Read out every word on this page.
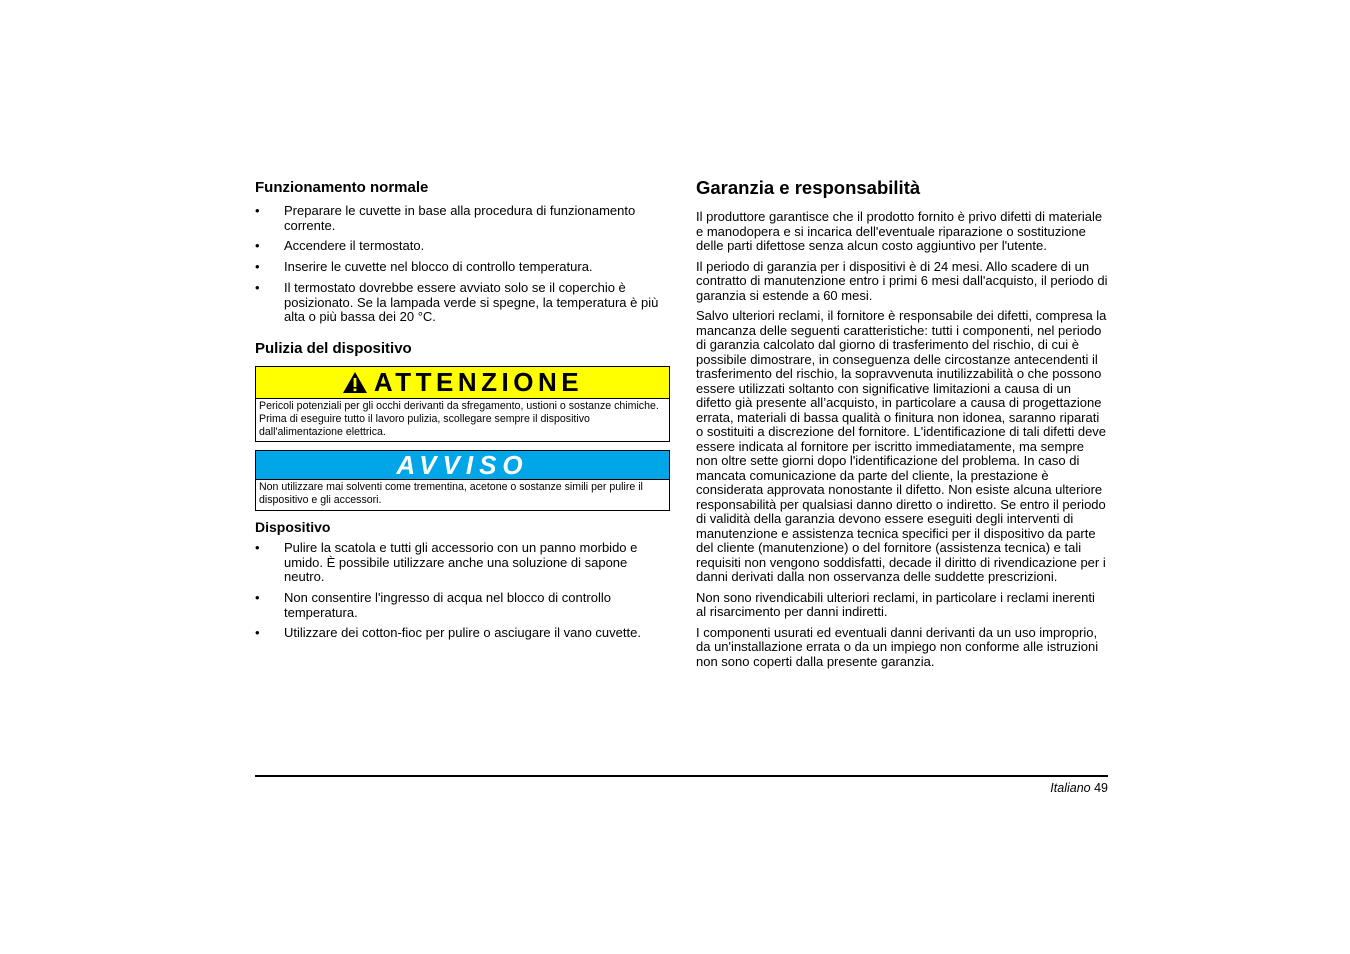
Funzionamento normale
• Preparare le cuvette in base alla procedura di funzionamento corrente.
• Accendere il termostato.
• Inserire le cuvette nel blocco di controllo temperatura.
• Il termostato dovrebbe essere avviato solo se il coperchio è posizionato. Se la lampada verde si spegne, la temperatura è più alta o più bassa dei 20 °C.
Pulizia del dispositivo
ATTENZIONE
Pericoli potenziali per gli occhi derivanti da sfregamento, ustioni o sostanze chimiche. Prima di eseguire tutto il lavoro pulizia, scollegare sempre il dispositivo dall'alimentazione elettrica.
AVVISO
Non utilizzare mai solventi come trementina, acetone o sostanze simili per pulire il dispositivo e gli accessori.
Dispositivo
• Pulire la scatola e tutti gli accessorio con un panno morbido e umido. È possibile utilizzare anche una soluzione di sapone neutro.
• Non consentire l'ingresso di acqua nel blocco di controllo temperatura.
• Utilizzare dei cotton-fioc per pulire o asciugare il vano cuvette.
Garanzia e responsabilità

Il produttore garantisce che il prodotto fornito è privo difetti di materiale e manodopera e si incarica dell'eventuale riparazione o sostituzione delle parti difettose senza alcun costo aggiuntivo per l'utente.

Il periodo di garanzia per i dispositivi è di 24 mesi. Allo scadere di un contratto di manutenzione entro i primi 6 mesi dall'acquisto, il periodo di garanzia si estende a 60 mesi.

Salvo ulteriori reclami, il fornitore è responsabile dei difetti, compresa la mancanza delle seguenti caratteristiche: tutti i componenti, nel periodo di garanzia calcolato dal giorno di trasferimento del rischio, di cui è possibile dimostrare, in conseguenza delle circostanze antecendenti il trasferimento del rischio, la sopravvenuta inutilizzabilità o che possono essere utilizzati soltanto con significative limitazioni a causa di un difetto già presente all’acquisto, in particolare a causa di progettazione errata, materiali di bassa qualità o finitura non idonea, saranno riparati o sostituiti a discrezione del fornitore. L'identificazione di tali difetti deve essere indicata al fornitore per iscritto immediatamente, ma sempre non oltre sette giorni dopo l'identificazione del problema. In caso di mancata comunicazione da parte del cliente, la prestazione è considerata approvata nonostante il difetto. Non esiste alcuna ulteriore responsabilità per qualsiasi danno diretto o indiretto. Se entro il periodo di validità della garanzia devono essere eseguiti degli interventi di manutenzione e assistenza tecnica specifici per il dispositivo da parte del cliente (manutenzione) o del fornitore (assistenza tecnica) e tali requisiti non vengono soddisfatti, decade il diritto di rivendicazione per i danni derivati dalla non osservanza delle suddette prescrizioni.

Non sono rivendicabili ulteriori reclami, in particolare i reclami inerenti al risarcimento per danni indiretti.

I componenti usurati ed eventuali danni derivanti da un uso improprio, da un'installazione errata o da un impiego non conforme alle istruzioni non sono coperti dalla presente garanzia.

Italiano 49
